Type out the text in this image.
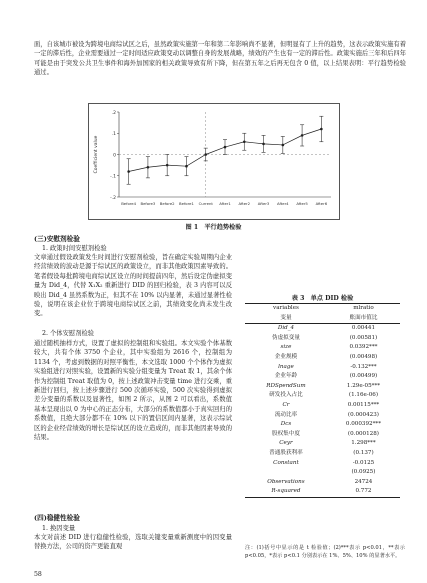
面，自该城市被设为跨境电商综试区之后，虽然政策实施第一年和第二年影响尚不显著，但明显有了上升的趋势，这表示政策实施有着一定的滞后性，企业需要通过一定时间适应政策变动以调整自身的发展战略，绩效的产生也有一定的滞后性。政策实施后三年和后四年可能是由于突发公共卫生事件和海外加国家的相关政策导致有所下降，但在第五年之后再无包含 0 值，以上结果表明：平行趋势检验通过。

-.2
-.1
0
.1
.2
Coefficient value
Before4 Before3 Before2 Before1 Current After1 After2 After3 After4 After5 After6
图 1　平行趋势检验
(三)安慰剂检验
1. 政策时间安慰剂检验

文章通过假设政策发生时间进行安慰剂检验，旨在确定实验周期内企业经营绩效的波动是源于综试区的政策设立，而非其他政策因素导致的。笔者假设每批跨境电商综试区设立的时间提前四年，然后设定伪虚拟变量为 Did_4，代替 X₁X₂ 重新进行 DID 的回归检验，表 3 内容可以反映出 Did_4 虽然系数为正，但其不在 10% 以内显著，未通过显著性检验，说明在该企业位于跨境电商综试区之前，其绩效变化尚未发生改变。

2. 个体安慰剂检验

通过随机抽样方式，设置了虚拟的控制组和实验组。本文实验个体基数较大，共有个体 3750 个企业，其中实验组为 2616 个，控制组为 1134 个，考虑到数据的对照平衡性，本文选取 1000 个个体作为虚拟实验组进行对照实验，设置新的实验分组变量为 Treat 取 1，其余个体作为控制组 Treat 取值为 0，按上述政策冲击变量 time 进行交乘，重新进行回归，按上述步骤进行 500 次循环实验，500 次实验得到虚拟差分变量的系数以及显著性，如图 2 所示，从图 2 可以看出，系数值基本呈现出以 0 为中心的正态分布，大部分的系数值都小于真实回归的系数值，且绝大部分都不在 10% 以下的置信区间内显著，这表示综试区的企业经营绩效的增长是综试区的设立造成的，而非其他因素导致的结果。

(四)稳健性检验
1. 换因变量

本文对前述 DID 进行稳健性检验，选取关键变量重新测度中的因变量替换方法，公司的资产更能直观

表 3　单点 DID 检验
variables	mlratio
变量	账面市值比
Did_4	0.00441
伪虚拟变量	(0.00581)
size	0.0392***
企业规模	(0.00498)
lnage	-0.132***
企业年龄	(0.00499)
RDSpendSum	1.29e-05***
研发投入占比	(1.16e-06)
Cr	0.00115***
流动比率	(0.000423)
Dcs	0.000392***
股权集中度	(0.000128)
Ceyr	1.298***
普通股获利率	(0.137)
Constant	-0.0125
	(0.0925)
Observations	24724
R-squared	0.772

注：(1)括号中显示的是 t 检验值；(2)***表示 p<0.01，**表示 p<0.05，*表示 p<0.1 分别表示在 1%、5%、10% 的显著水平。

58
